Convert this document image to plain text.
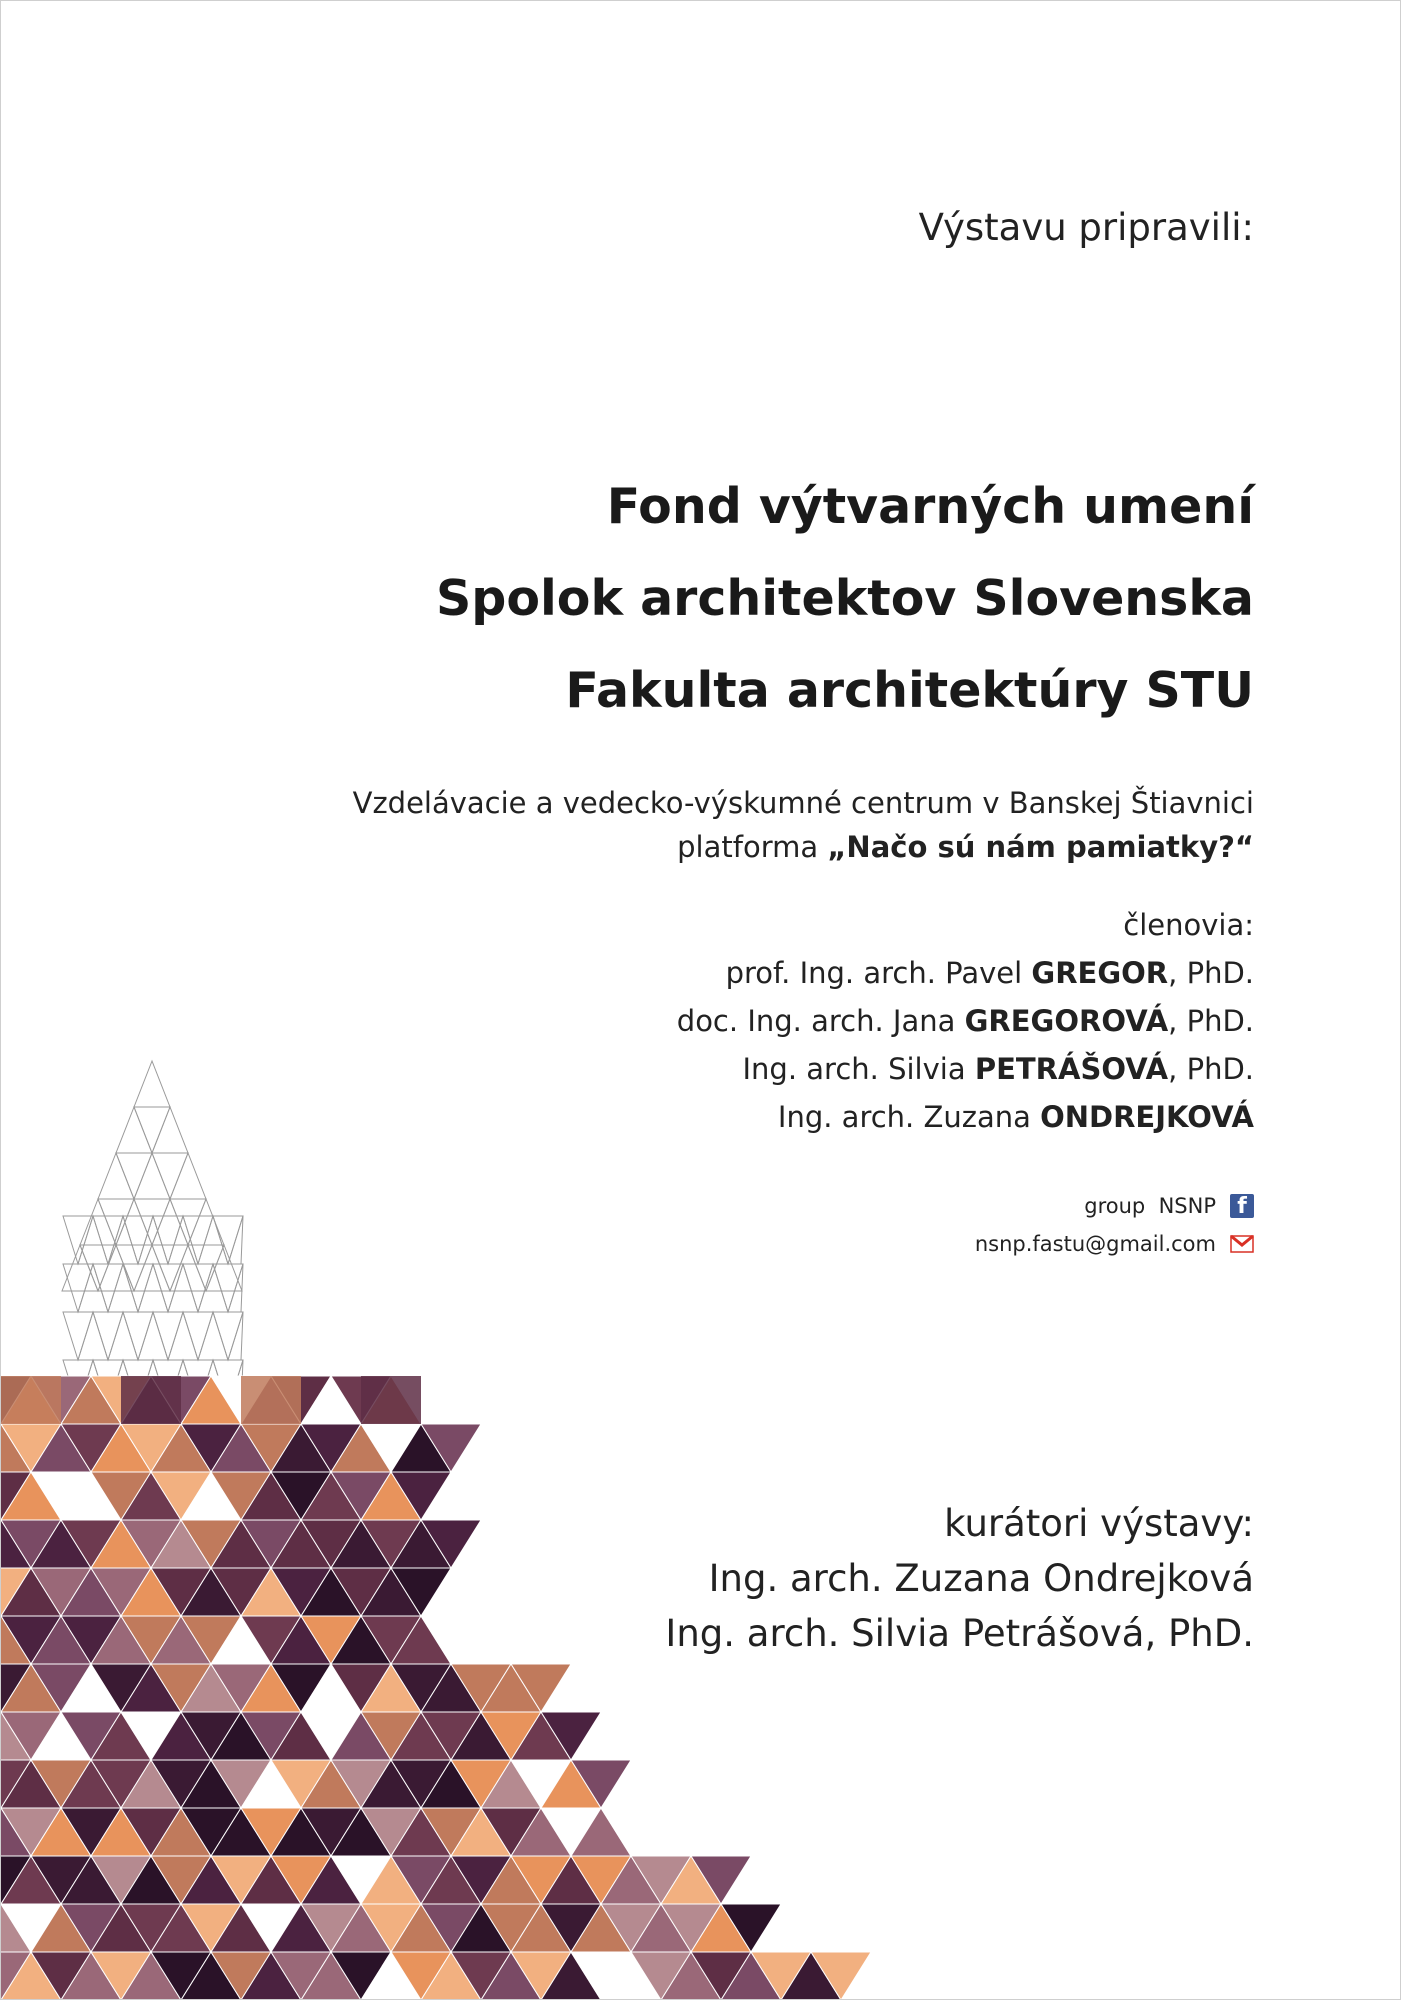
Výstavu pripravili:
Fond výtvarných umení
Spolok architektov Slovenska
Fakulta architektúry STU
Vzdelávacie a vedecko-výskumné centrum v Banskej Štiavnici
platforma „Načo sú nám pamiatky?“
členovia:
prof. Ing. arch. Pavel GREGOR, PhD.
doc. Ing. arch. Jana GREGOROVÁ, PhD.
Ing. arch. Silvia PETRÁŠOVÁ, PhD.
Ing. arch. Zuzana ONDREJKOVÁ
group  NSNP f
nsnp.fastu@gmail.com
kurátori výstavy:
Ing. arch. Zuzana Ondrejková
Ing. arch. Silvia Petrášová, PhD.
